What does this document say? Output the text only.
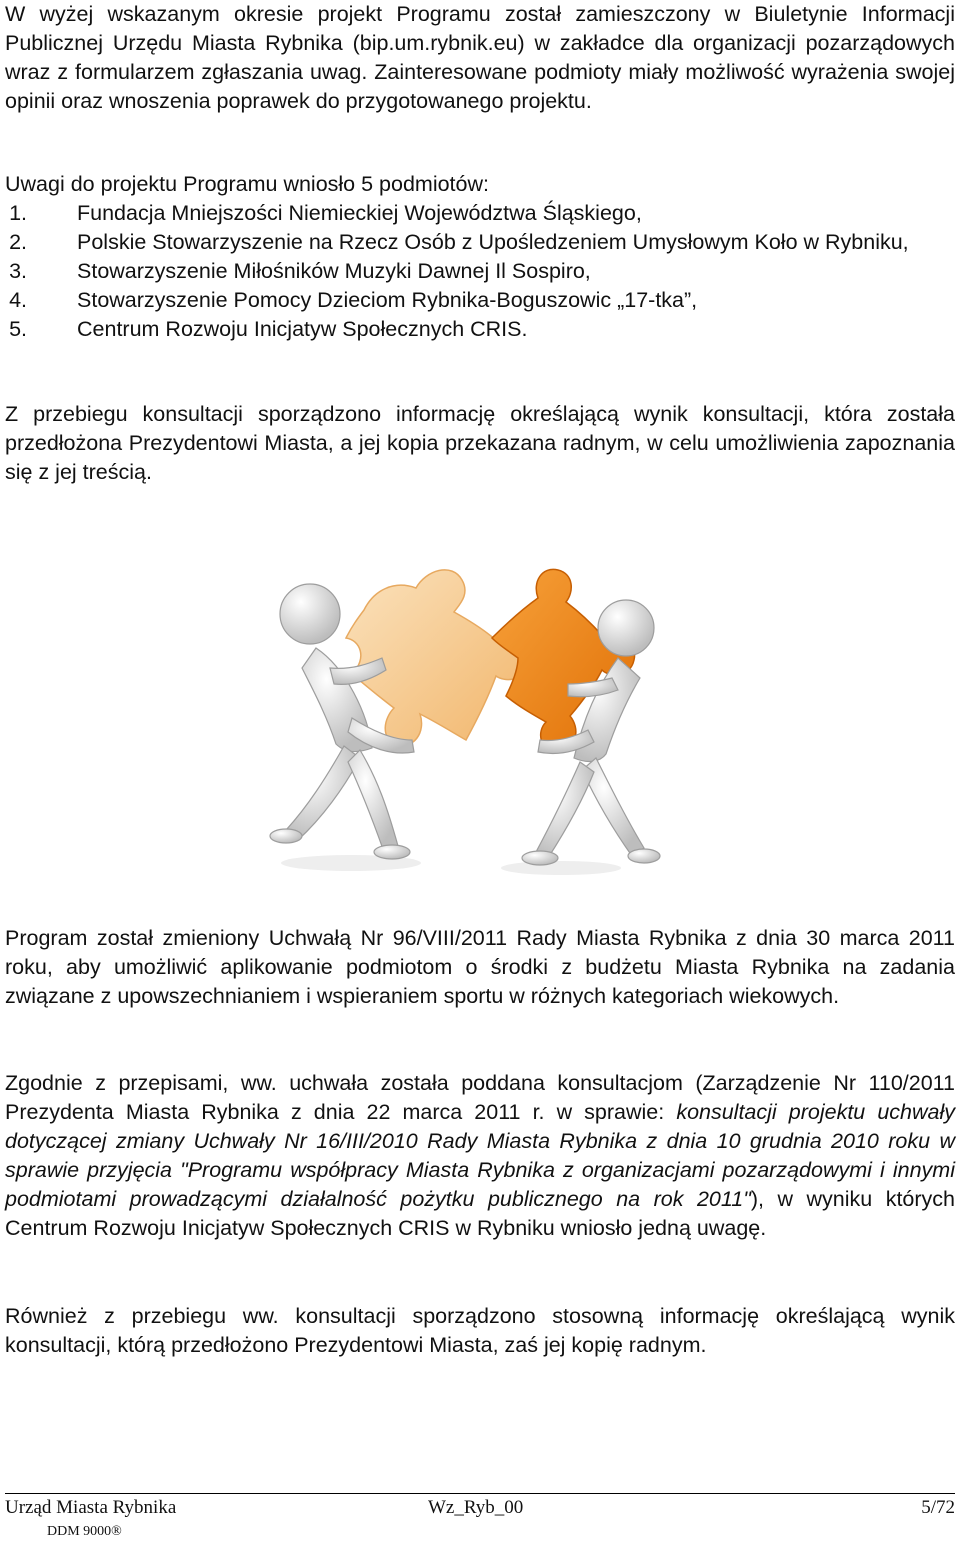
W wyżej wskazanym okresie projekt Programu został zamieszczony w Biuletynie Informacji Publicznej Urzędu Miasta Rybnika (bip.um.rybnik.eu) w zakładce dla organizacji pozarządowych wraz z formularzem zgłaszania uwag. Zainteresowane podmioty miały możliwość wyrażenia swojej opinii oraz wnoszenia poprawek do przygotowanego projektu.

Uwagi do projektu Programu wniosło 5 podmiotów:
1. Fundacja Mniejszości Niemieckiej Województwa Śląskiego,
2. Polskie Stowarzyszenie na Rzecz Osób z Upośledzeniem Umysłowym Koło w Rybniku,
3. Stowarzyszenie Miłośników Muzyki Dawnej Il Sospiro,
4. Stowarzyszenie Pomocy Dzieciom Rybnika-Boguszowic „17-tka”,
5. Centrum Rozwoju Inicjatyw Społecznych CRIS.

Z przebiegu konsultacji sporządzono informację określającą wynik konsultacji, która została przedłożona Prezydentowi Miasta, a jej kopia przekazana radnym, w celu umożliwienia zapoznania się z jej treścią.

Program został zmieniony Uchwałą Nr 96/VIII/2011 Rady Miasta Rybnika z dnia 30 marca 2011 roku, aby umożliwić aplikowanie podmiotom o środki z budżetu Miasta Rybnika na zadania związane z upowszechnianiem i wspieraniem sportu w różnych kategoriach wiekowych.

Zgodnie z przepisami, ww. uchwała została poddana konsultacjom (Zarządzenie Nr 110/2011 Prezydenta Miasta Rybnika z dnia 22 marca 2011 r. w sprawie: konsultacji projektu uchwały dotyczącej zmiany Uchwały Nr 16/III/2010 Rady Miasta Rybnika z dnia 10 grudnia 2010 roku w sprawie przyjęcia "Programu współpracy Miasta Rybnika z organizacjami pozarządowymi i innymi podmiotami prowadzącymi działalność pożytku publicznego na rok 2011"), w wyniku których Centrum Rozwoju Inicjatyw Społecznych CRIS w Rybniku wniosło jedną uwagę.

Również z przebiegu ww. konsultacji sporządzono stosowną informację określającą wynik konsultacji, którą przedłożono Prezydentowi Miasta, zaś jej kopię radnym.

Urząd Miasta Rybnika	Wz_Ryb_00	5/72
DDM 9000®
